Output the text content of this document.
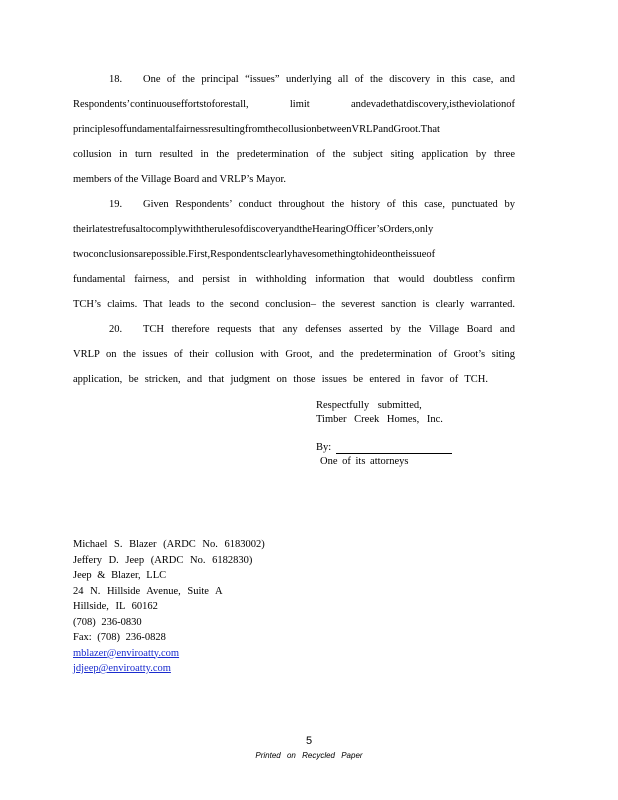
18. One of the principal “issues” underlying all of the discovery in this case, and
Respondents’continuouseffortstoforestall, limit andevadethatdiscovery,istheviolationof
principlesoffundamentalfairnessresultingfromthecollusionbetweenVRLPandGroot.That
collusion in turn resulted in the predetermination of the subject siting application by three
members of the Village Board and VRLP’s Mayor.
19. Given Respondents’ conduct throughout the history of this case, punctuated by
theirlatestrefusaltocomplywiththerulesofdiscoveryandtheHearingOfficer’sOrders,only
twoconclusionsarepossible.First,Respondentsclearlyhavesomethingtohideontheissueof
fundamental fairness, and persist in withholding information that would doubtless confirm
TCH’s claims. That leads to the second conclusion– the severest sanction is clearly warranted.
20. TCH therefore requests that any defenses asserted by the Village Board and
VRLP on the issues of their collusion with Groot, and the predetermination of Groot’s siting
application, be stricken, and that judgment on those issues be entered in favor of TCH.
Respectfully submitted,
Timber Creek Homes, Inc.
By:
One of its attorneys
Michael S. Blazer (ARDC No. 6183002)
Jeffery D. Jeep (ARDC No. 6182830)
Jeep & Blazer, LLC
24 N. Hillside Avenue, Suite A
Hillside, IL 60162
(708) 236-0830
Fax: (708) 236-0828
mblazer@enviroatty.com
jdjeep@enviroatty.com
5
Printed on Recycled Paper
